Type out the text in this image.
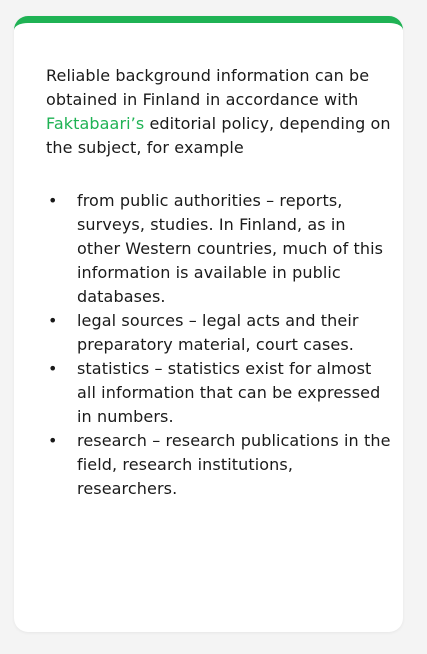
Reliable background information can be obtained in Finland in accordance with Faktabaari’s editorial policy, depending on the subject, for example

• from public authorities – reports, surveys, studies. In Finland, as in other Western countries, much of this information is available in public databases.
• legal sources – legal acts and their preparatory material, court cases.
• statistics – statistics exist for almost all information that can be expressed in numbers.
• research – research publications in the field, research institutions, researchers.
